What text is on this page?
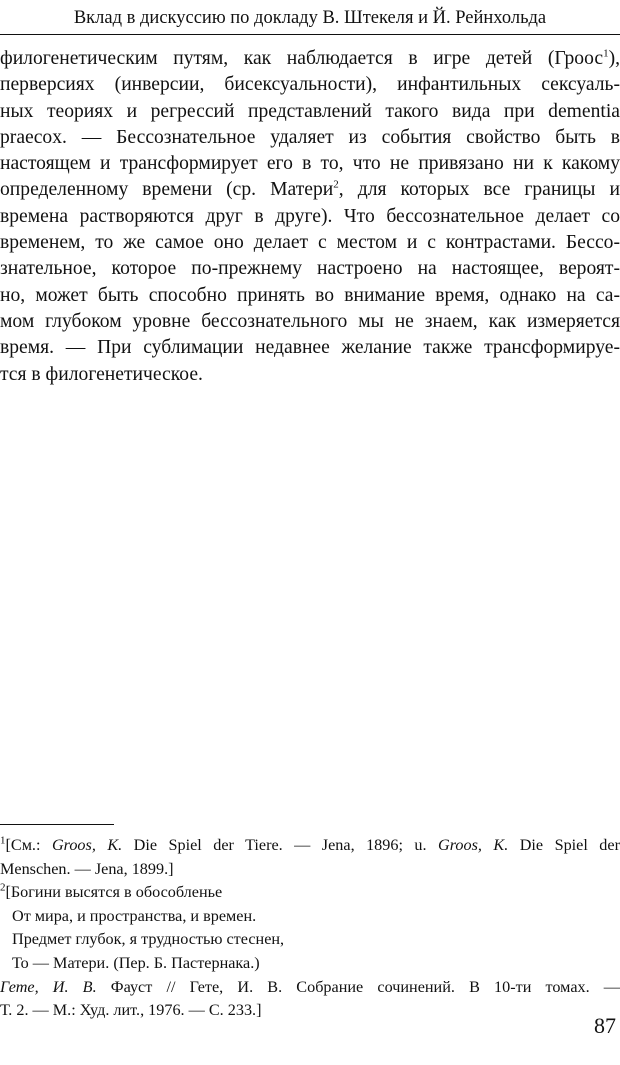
Вклад в дискуссию по докладу В. Штекеля и Й. Рейнхольда
филогенетическим путям, как наблюдается в игре детей (Гроос$^1$),
перверсиях (инверсии, бисексуальности), инфантильных сексуаль-
ных теориях и регрессий представлений такого вида при dementia
praecox. — Бессознательное удаляет из события свойство быть в
настоящем и трансформирует его в то, что не привязано ни к какому
определенному времени (ср. Матери$^2$, для которых все границы и
времена растворяются друг в друге). Что бессознательное делает со
временем, то же самое оно делает с местом и с контрастами. Бессо-
знательное, которое по-прежнему настроено на настоящее, вероят-
но, может быть способно принять во внимание время, однако на са-
мом глубоком уровне бессознательного мы не знаем, как измеряется
время. — При сублимации недавнее желание также трансформируе-
тся в филогенетическое.
$^1$[См.: Groos, K. Die Spiel der Tiere. — Jena, 1896; u. Groos, K. Die Spiel der
Menschen. — Jena, 1899.]
$^2$[Богини высятся в обособленье
От мира, и пространства, и времен.
Предмет глубок, я трудностью стеснен,
То — Матери. (Пер. Б. Пастернака.)
Гете, И. В. Фауст // Гете, И. В. Собрание сочинений. В 10-ти томах. —
Т. 2. — М.: Худ. лит., 1976. — С. 233.]
87
